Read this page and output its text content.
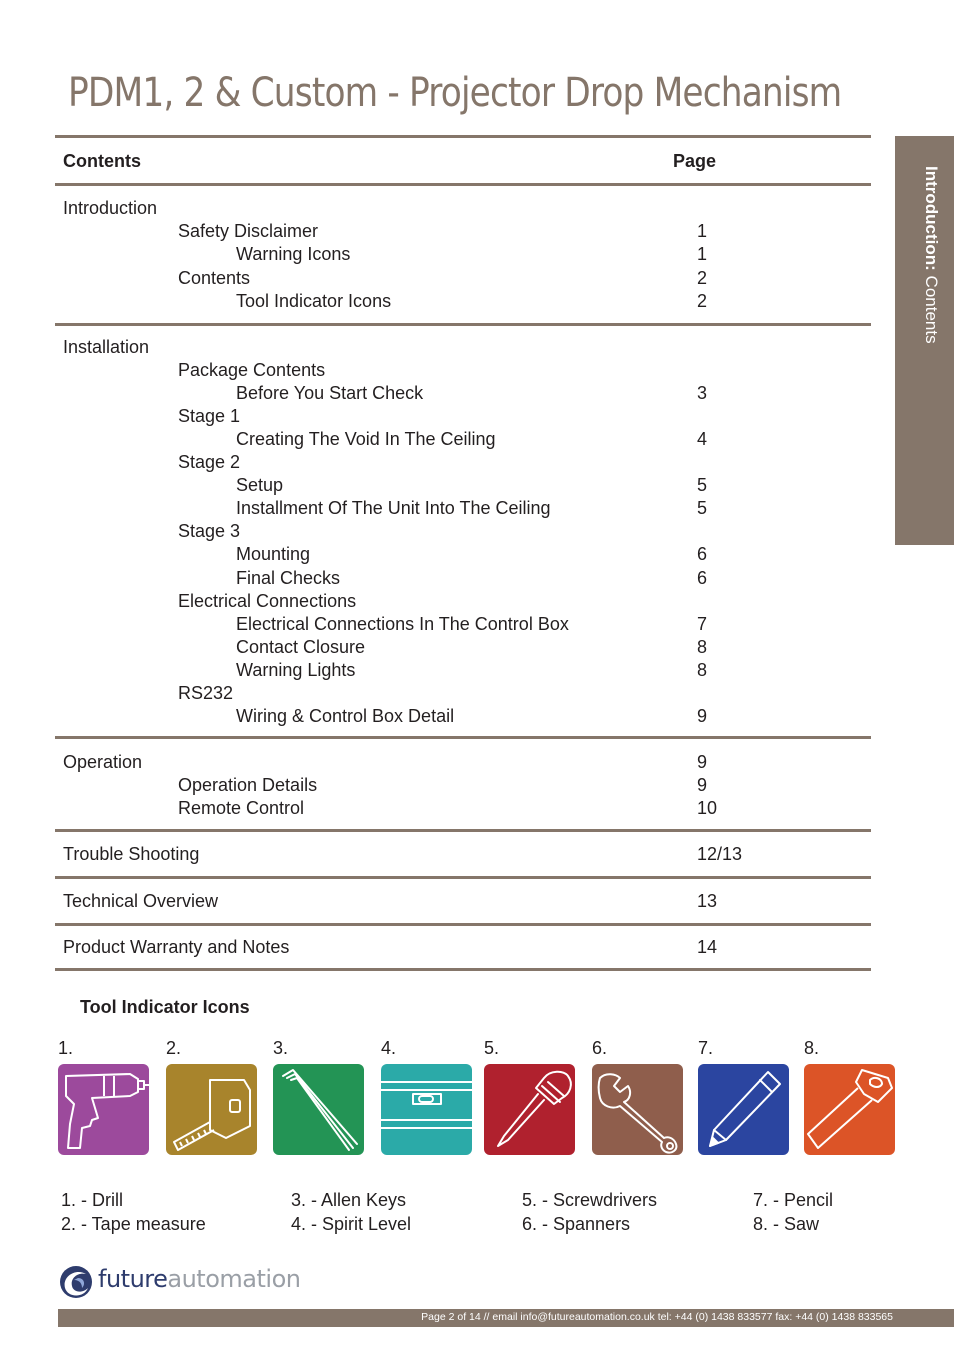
PDM1, 2 & Custom - Projector Drop Mechanism
Introduction: Contents
Contents	Page
Introduction
Safety Disclaimer	1
Warning Icons	1
Contents	2
Tool Indicator Icons	2
Installation
Package Contents
Before You Start Check	3
Stage 1
Creating The Void In The Ceiling	4
Stage 2
Setup	5
Installment Of The Unit Into The Ceiling	5
Stage 3
Mounting	6
Final Checks	6
Electrical Connections
Electrical Connections In The Control Box	7
Contact Closure	8
Warning Lights	8
RS232
Wiring & Control Box Detail	9
Operation	9
Operation Details	9
Remote Control	10
Trouble Shooting	12/13
Technical Overview	13
Product Warranty and Notes	14
Tool Indicator Icons
1.	2.	3.	4.	5.	6.	7.	8.
1. - Drill
2. - Tape measure
3. - Allen Keys
4. - Spirit Level
5. - Screwdrivers
6. - Spanners
7. - Pencil
8. - Saw
futureautomation
Page 2 of 14 // email info@futureautomation.co.uk tel: +44 (0) 1438 833577 fax: +44 (0) 1438 833565
